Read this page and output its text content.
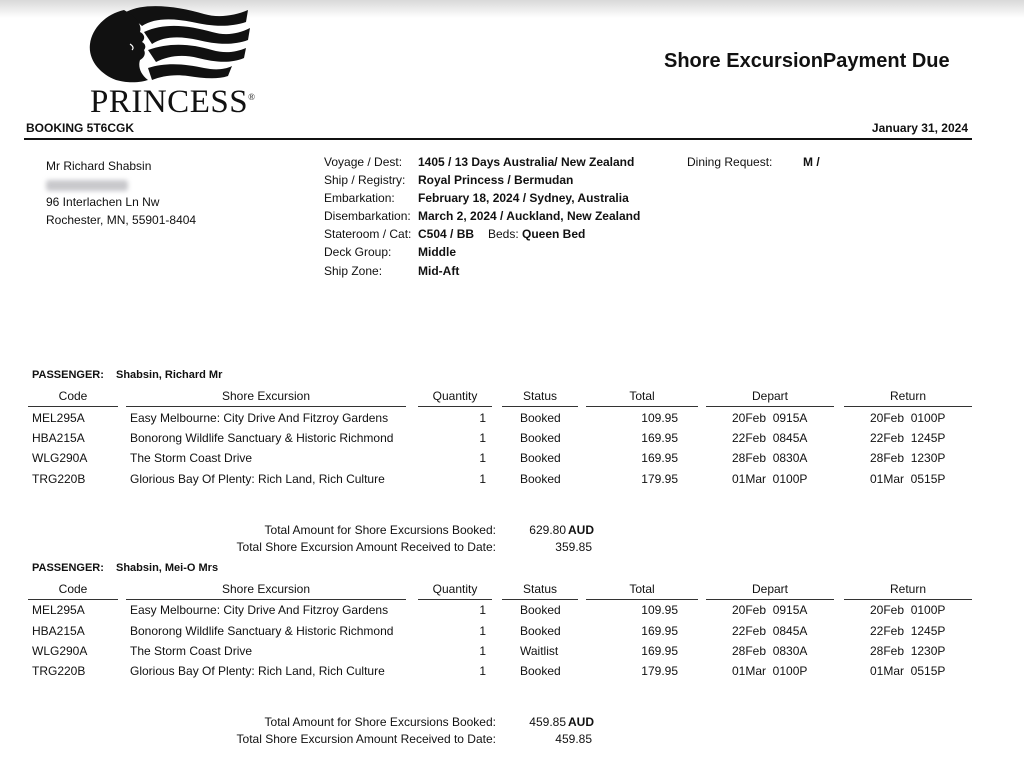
PRINCESS®
Shore ExcursionPayment Due
BOOKING 5T6CGK	January 31, 2024
Mr Richard Shabsin
96 Interlachen Ln Nw
Rochester, MN, 55901-8404
Voyage / Dest: 1405 / 13 Days Australia/ New Zealand
Ship / Registry: Royal Princess / Bermudan
Embarkation: February 18, 2024 / Sydney, Australia
Disembarkation: March 2, 2024 / Auckland, New Zealand
Stateroom / Cat: C504 / BB Beds: Queen Bed
Deck Group: Middle
Ship Zone:	Mid-Aft
Dining Request:	M /
PASSENGER: Shabsin, Richard Mr
Code	Shore Excursion	Quantity	Status	Total	Depart	Return
MEL295A	Easy Melbourne: City Drive And Fitzroy Gardens	1	Booked	109.95	20Feb  0915A	20Feb  0100P
HBA215A	Bonorong Wildlife Sanctuary & Historic Richmond	1	Booked	169.95	22Feb  0845A	22Feb  1245P
WLG290A	The Storm Coast Drive	1	Booked	169.95	28Feb  0830A	28Feb  1230P
TRG220B	Glorious Bay Of Plenty: Rich Land, Rich Culture	1	Booked	179.95	01Mar  0100P	01Mar  0515P
Total Amount for Shore Excursions Booked:	629.80 AUD
Total Shore Excursion Amount Received to Date:	359.85
PASSENGER: Shabsin, Mei-O Mrs
Code	Shore Excursion	Quantity	Status	Total	Depart	Return
MEL295A	Easy Melbourne: City Drive And Fitzroy Gardens	1	Booked	109.95	20Feb  0915A	20Feb  0100P
HBA215A	Bonorong Wildlife Sanctuary & Historic Richmond	1	Booked	169.95	22Feb  0845A	22Feb  1245P
WLG290A	The Storm Coast Drive	1	Waitlist	169.95	28Feb  0830A	28Feb  1230P
TRG220B	Glorious Bay Of Plenty: Rich Land, Rich Culture	1	Booked	179.95	01Mar  0100P	01Mar  0515P
Total Amount for Shore Excursions Booked:	459.85 AUD
Total Shore Excursion Amount Received to Date:	459.85
